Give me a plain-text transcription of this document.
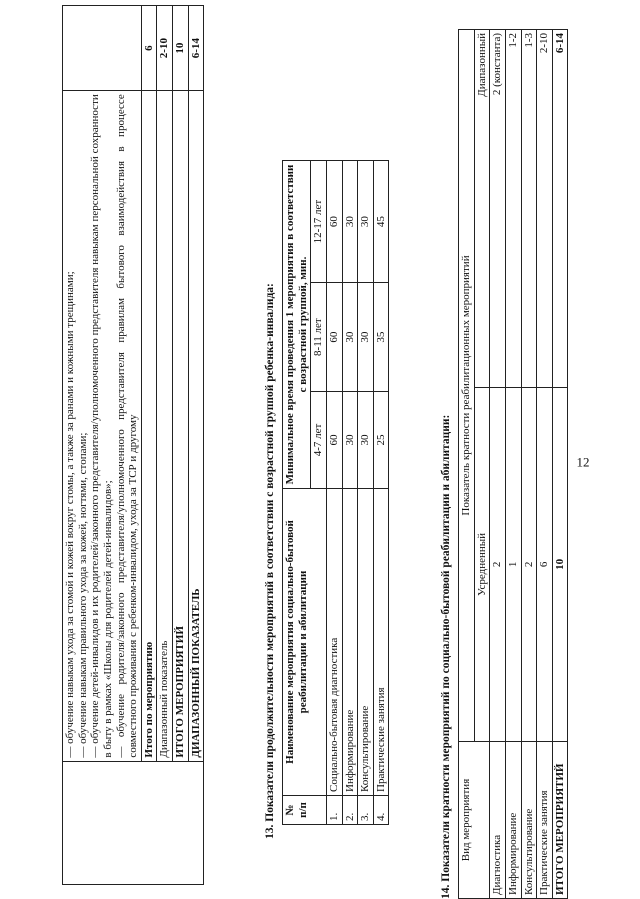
12

	— обучение навыкам ухода за стомой и кожей вокруг стомы, а также за ранами и кожными трещинами; — обучение навыкам правильного ухода за кожей, ногтями, стопами; — обучение детей-инвалидов и их родителей/законного представителя/уполномоченного представителя навыкам персональной сохранности в быту в рамках «Школы для родителей детей-инвалидов»; — обучение родителя/законного представителя/уполномоченного представителя правилам бытового взаимодействия в процессе совместного проживания с ребенком-инвалидом, ухода за ТСР и другому	

	Итого по мероприятию	6
	Диапазонный показатель	2-10
	ИТОГО МЕРОПРИЯТИЙ	10
	ДИАПАЗОННЫЙ ПОКАЗАТЕЛЬ	6-14
13. Показатели продолжительности мероприятий в соответствии с возрастной группой ребенка-инвалида: № п/п	Наименование мероприятия социально-бытовой реабилитации и абилитации	Минимальное время проведения 1 мероприятия в соответствии с возрастной группой, мин.		
		4-7 лет	8-11 лет	12-17 лет
1.	Социально-бытовая диагностика	60	60	60
2.	Информирование	30	30	30
3.	Консультирование	30	30	30
4.	Практические занятия	25	35	45
14. Показатели кратности мероприятий по социально-бытовой реабилитации и абилитации: Вид мероприятия	Показатель кратности реабилитационных мероприятий	
	Усредненный	Диапазонный
Диагностика	2	2 (константа)
Информирование	1	1-2
Консультирование	2	1-3
Практические занятия	6	2-10
ИТОГО МЕРОПРИЯТИЙ	10	6-14
